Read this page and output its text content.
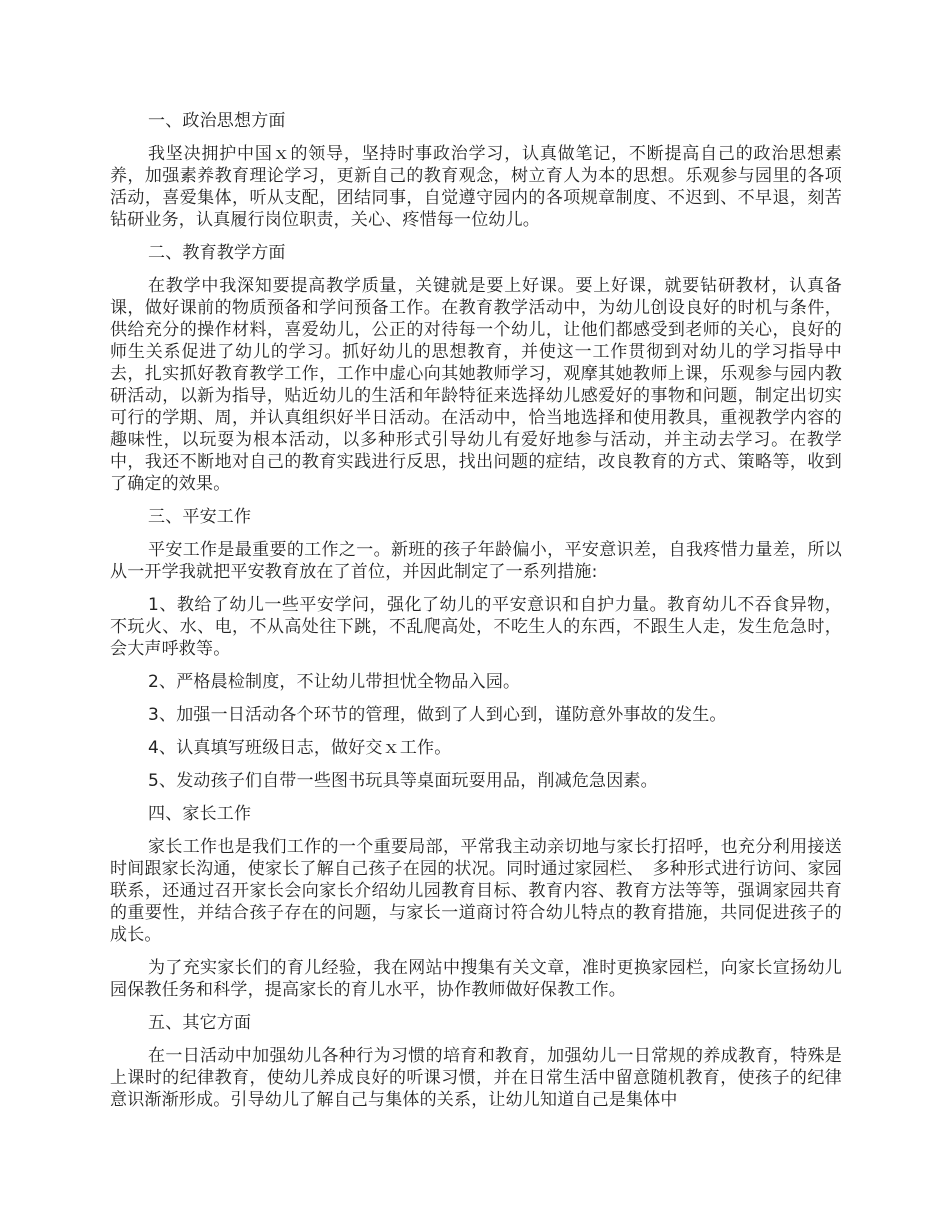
一、政治思想方面

我坚决拥护中国ｘ的领导，坚持时事政治学习，认真做笔记，不断提高自己的政治思想素养，加强素养教育理论学习，更新自己的教育观念，树立育人为本的思想。乐观参与园里的各项活动，喜爱集体，听从支配，团结同事，自觉遵守园内的各项规章制度、不迟到、不早退，刻苦钻研业务，认真履行岗位职责，关心、疼惜每一位幼儿。

二、教育教学方面

在教学中我深知要提高教学质量，关键就是要上好课。要上好课，就要钻研教材，认真备课，做好课前的物质预备和学问预备工作。在教育教学活动中，为幼儿创设良好的时机与条件，供给充分的操作材料，喜爱幼儿，公正的对待每一个幼儿，让他们都感受到老师的关心，良好的师生关系促进了幼儿的学习。抓好幼儿的思想教育，并使这一工作贯彻到对幼儿的学习指导中去，扎实抓好教育教学工作，工作中虚心向其她教师学习，观摩其她教师上课，乐观参与园内教研活动，以新为指导，贴近幼儿的生活和年龄特征来选择幼儿感爱好的事物和问题，制定出切实可行的学期、周，并认真组织好半日活动。在活动中，恰当地选择和使用教具，重视教学内容的趣味性，以玩耍为根本活动，以多种形式引导幼儿有爱好地参与活动，并主动去学习。在教学中，我还不断地对自己的教育实践进行反思，找出问题的症结，改良教育的方式、策略等，收到了确定的效果。

三、平安工作

平安工作是最重要的工作之一。新班的孩子年龄偏小，平安意识差，自我疼惜力量差，所以从一开学我就把平安教育放在了首位，并因此制定了一系列措施:

1、教给了幼儿一些平安学问，强化了幼儿的平安意识和自护力量。教育幼儿不吞食异物，不玩火、水、电，不从高处往下跳，不乱爬高处，不吃生人的东西，不跟生人走，发生危急时，会大声呼救等。

2、严格晨检制度，不让幼儿带担忧全物品入园。

3、加强一日活动各个环节的管理，做到了人到心到，谨防意外事故的发生。

4、认真填写班级日志，做好交ｘ工作。

5、发动孩子们自带一些图书玩具等桌面玩耍用品，削减危急因素。

四、家长工作

家长工作也是我们工作的一个重要局部，平常我主动亲切地与家长打招呼，也充分利用接送时间跟家长沟通，使家长了解自己孩子在园的状况。同时通过家园栏、　多种形式进行访问、家园联系，还通过召开家长会向家长介绍幼儿园教育目标、教育内容、教育方法等等，强调家园共育的重要性，并结合孩子存在的问题，与家长一道商讨符合幼儿特点的教育措施，共同促进孩子的成长。

为了充实家长们的育儿经验，我在网站中搜集有关文章，准时更换家园栏，向家长宣扬幼儿园保教任务和科学，提高家长的育儿水平，协作教师做好保教工作。

五、其它方面

在一日活动中加强幼儿各种行为习惯的培育和教育，加强幼儿一日常规的养成教育，特殊是上课时的纪律教育，使幼儿养成良好的听课习惯，并在日常生活中留意随机教育，使孩子的纪律意识渐渐形成。引导幼儿了解自己与集体的关系，让幼儿知道自己是集体中
